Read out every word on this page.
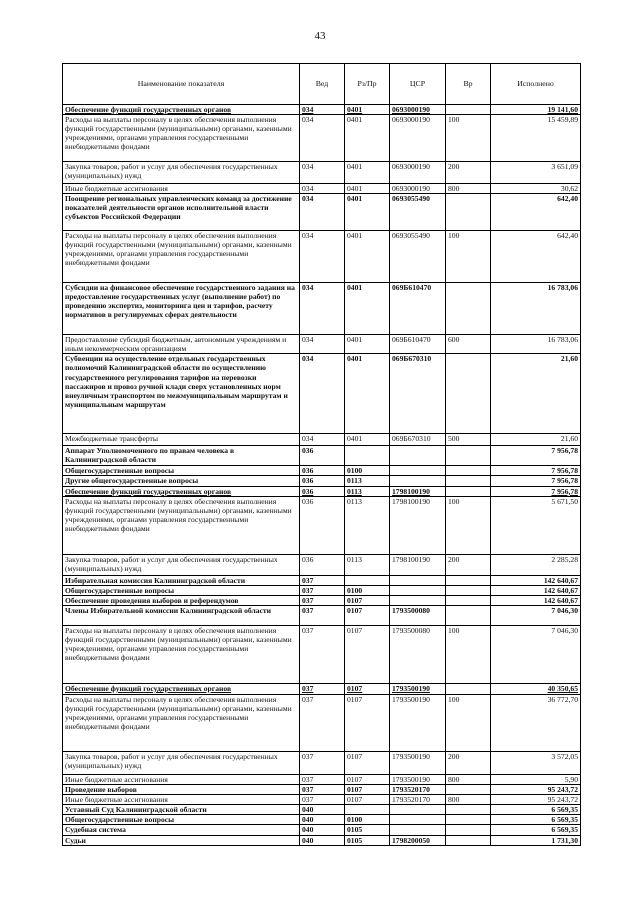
43
Наименование показателя	Вед	Рз/Пр	ЦСР	Вр	Исполнено
Обеспечение функций государственных органов	034	0401	0693000190		19 141,60
Расходы на выплаты персоналу в целях обеспечения выполнения функций государственными (муниципальными) органами, казенными учреждениями, органами управления государственными внебюджетными фондами	034	0401	0693000190	100	15 459,89
Закупка товаров, работ и услуг для обеспечения государственных (муниципальных) нужд	034	0401	0693000190	200	3 651,09
Иные бюджетные ассигнования	034	0401	0693000190	800	30,62
Поощрение региональных управленческих команд за достижение показателей деятельности органов исполнительной власти субъектов Российской Федерации	034	0401	0693055490		642,40
Расходы на выплаты персоналу в целях обеспечения выполнения функций государственными (муниципальными) органами, казенными учреждениями, органами управления государственными внебюджетными фондами	034	0401	0693055490	100	642,40
Субсидии на финансовое обеспечение государственного задания на предоставление государственных услуг (выполнение работ) по проведению экспертиз, мониторинга цен и тарифов, расчету нормативов в регулируемых сферах деятельности	034	0401	069Б610470		16 783,06
Предоставление субсидий бюджетным, автономным учреждениям и иным некоммерческим организациям	034	0401	069Б610470	600	16 783,06
Субвенции на осуществление отдельных государственных полномочий Калининградской области по осуществлению государственного регулирования тарифов на перевозки пассажиров и провоз ручной клади сверх установленных норм внеуличным транспортом по межмуниципальным маршрутам и муниципальным маршрутам	034	0401	069Б670310		21,60
Межбюджетные трансферты	034	0401	069Б670310	500	21,60
Аппарат Уполномоченного по правам человека в Калининградской области	036				7 956,78
Общегосударственные вопросы	036	0100			7 956,78
Другие общегосударственные вопросы	036	0113			7 956,78
Обеспечение функций государственных органов	036	0113	1798100190		7 956,78
Расходы на выплаты персоналу в целях обеспечения выполнения функций государственными (муниципальными) органами, казенными учреждениями, органами управления государственными внебюджетными фондами	036	0113	1798100190	100	5 671,50
Закупка товаров, работ и услуг для обеспечения государственных (муниципальных) нужд	036	0113	1798100190	200	2 285,28
Избирательная комиссия Калининградской области	037				142 640,67
Общегосударственные вопросы	037	0100			142 640,67
Обеспечение проведения выборов и референдумов	037	0107			142 640,67
Члены Избирательной комиссии Калининградской области	037	0107	1793500080		7 046,30
Расходы на выплаты персоналу в целях обеспечения выполнения функций государственными (муниципальными) органами, казенными учреждениями, органами управления государственными внебюджетными фондами	037	0107	1793500080	100	7 046,30
Обеспечение функций государственных органов	037	0107	1793500190		40 350,65
Расходы на выплаты персоналу в целях обеспечения выполнения функций государственными (муниципальными) органами, казенными учреждениями, органами управления государственными внебюджетными фондами	037	0107	1793500190	100	36 772,70
Закупка товаров, работ и услуг для обеспечения государственных (муниципальных) нужд	037	0107	1793500190	200	3 572,05
Иные бюджетные ассигнования	037	0107	1793500190	800	5,90
Проведение выборов	037	0107	1793520170		95 243,72
Иные бюджетные ассигнования	037	0107	1793520170	800	95 243,72
Уставный Суд Калининградской области	040				6 569,35
Общегосударственные вопросы	040	0100			6 569,35
Судебная система	040	0105			6 569,35
Судьи	040	0105	1798200050		1 731,30
